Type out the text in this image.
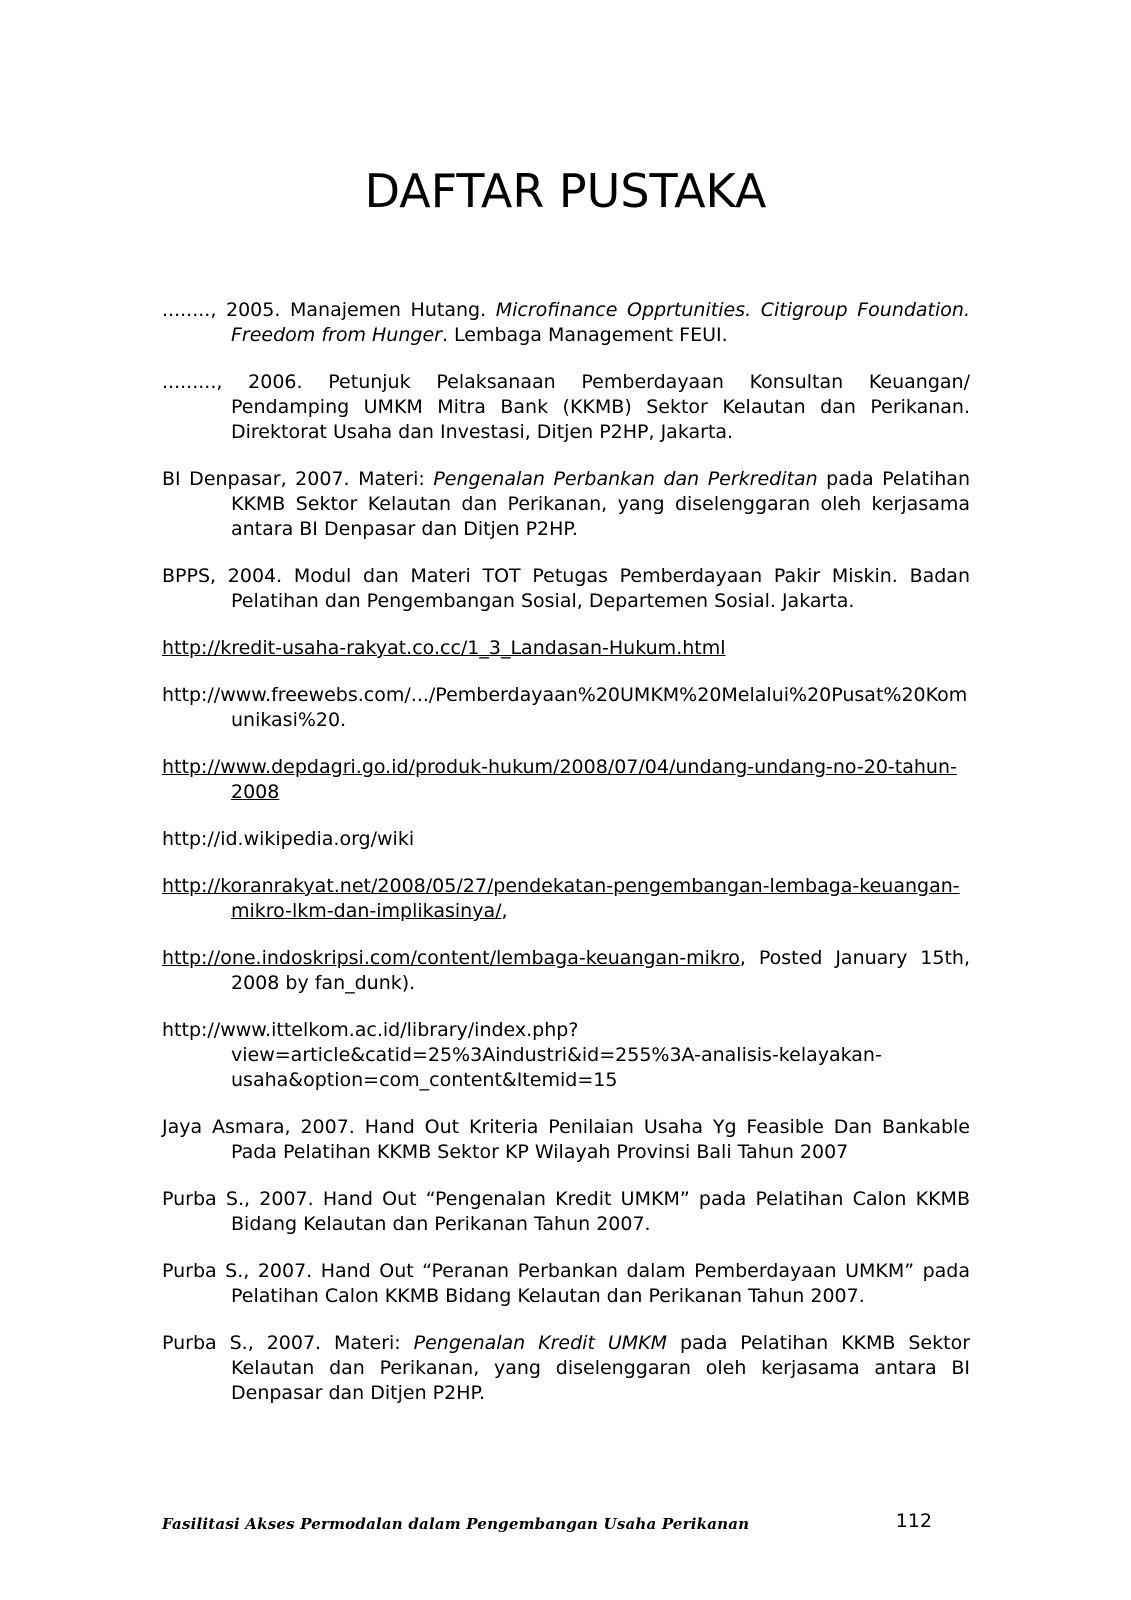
DAFTAR PUSTAKA

........, 2005. Manajemen Hutang. Microfinance Opprtunities. Citigroup Foundation. Freedom from Hunger. Lembaga Management FEUI.

........., 2006. Petunjuk Pelaksanaan Pemberdayaan Konsultan Keuangan/ Pendamping UMKM Mitra Bank (KKMB) Sektor Kelautan dan Perikanan. Direktorat Usaha dan Investasi, Ditjen P2HP, Jakarta.

BI Denpasar, 2007. Materi: Pengenalan Perbankan dan Perkreditan pada Pelatihan KKMB Sektor Kelautan dan Perikanan, yang diselenggaran oleh kerjasama antara BI Denpasar dan Ditjen P2HP.

BPPS, 2004. Modul dan Materi TOT Petugas Pemberdayaan Pakir Miskin. Badan Pelatihan dan Pengembangan Sosial, Departemen Sosial. Jakarta.

http://kredit-usaha-rakyat.co.cc/1_3_Landasan-Hukum.html

http://www.freewebs.com/.../Pemberdayaan%20UMKM%20Melalui%20Pusat%20Komunikasi%20.

http://www.depdagri.go.id/produk-hukum/2008/07/04/undang-undang-no-20-tahun-2008

http://id.wikipedia.org/wiki

http://koranrakyat.net/2008/05/27/pendekatan-pengembangan-lembaga-keuangan-mikro-lkm-dan-implikasinya/,

http://one.indoskripsi.com/content/lembaga-keuangan-mikro, Posted January 15th, 2008 by fan_dunk).

http://www.ittelkom.ac.id/library/index.php?view=article&catid=25%3Aindustri&id=255%3A-analisis-kelayakan-usaha&option=com_content&Itemid=15

Jaya Asmara, 2007. Hand Out Kriteria Penilaian Usaha Yg Feasible Dan Bankable Pada Pelatihan KKMB Sektor KP Wilayah Provinsi Bali Tahun 2007

Purba S., 2007. Hand Out “Pengenalan Kredit UMKM” pada Pelatihan Calon KKMB Bidang Kelautan dan Perikanan Tahun 2007.

Purba S., 2007. Hand Out “Peranan Perbankan dalam Pemberdayaan UMKM” pada Pelatihan Calon KKMB Bidang Kelautan dan Perikanan Tahun 2007.

Purba S., 2007. Materi: Pengenalan Kredit UMKM pada Pelatihan KKMB Sektor Kelautan dan Perikanan, yang diselenggaran oleh kerjasama antara BI Denpasar dan Ditjen P2HP.

Fasilitasi Akses Permodalan dalam Pengembangan Usaha Perikanan	112
